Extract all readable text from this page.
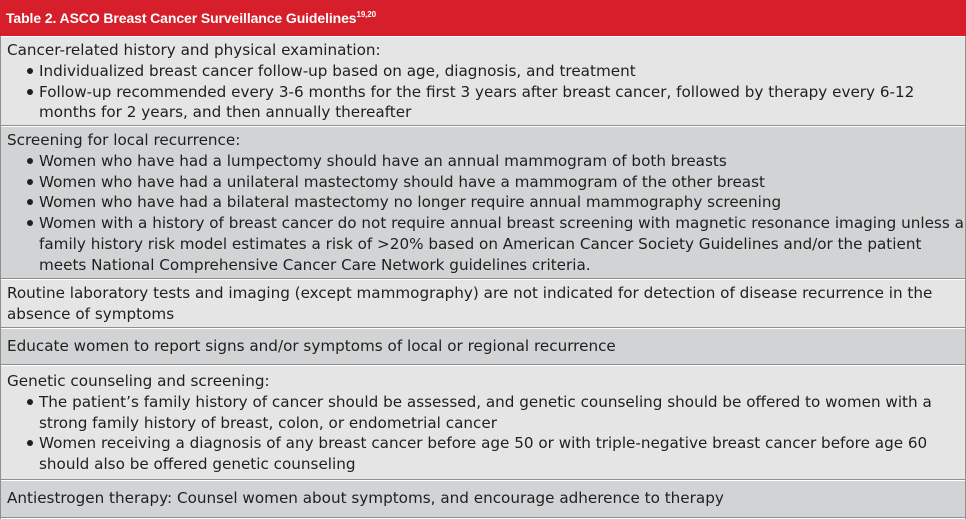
Table 2. ASCO Breast Cancer Surveillance Guidelines$^{19,20}$
Cancer-related history and physical examination:
Individualized breast cancer follow-up based on age, diagnosis, and treatment
Follow-up recommended every 3-6 months for the first 3 years after breast cancer, followed by therapy every 6-12 months for 2 years, and then annually thereafter
Screening for local recurrence:
Women who have had a lumpectomy should have an annual mammogram of both breasts
Women who have had a unilateral mastectomy should have a mammogram of the other breast
Women who have had a bilateral mastectomy no longer require annual mammography screening
Women with a history of breast cancer do not require annual breast screening with magnetic resonance imaging unless a family history risk model estimates a risk of >20% based on American Cancer Society Guidelines and/or the patient meets National Comprehensive Cancer Care Network guidelines criteria.
Routine laboratory tests and imaging (except mammography) are not indicated for detection of disease recurrence in the absence of symptoms
Educate women to report signs and/or symptoms of local or regional recurrence
Genetic counseling and screening:
The patient’s family history of cancer should be assessed, and genetic counseling should be offered to women with a strong family history of breast, colon, or endometrial cancer
Women receiving a diagnosis of any breast cancer before age 50 or with triple-negative breast cancer before age 60 should also be offered genetic counseling
Antiestrogen therapy: Counsel women about symptoms, and encourage adherence to therapy
